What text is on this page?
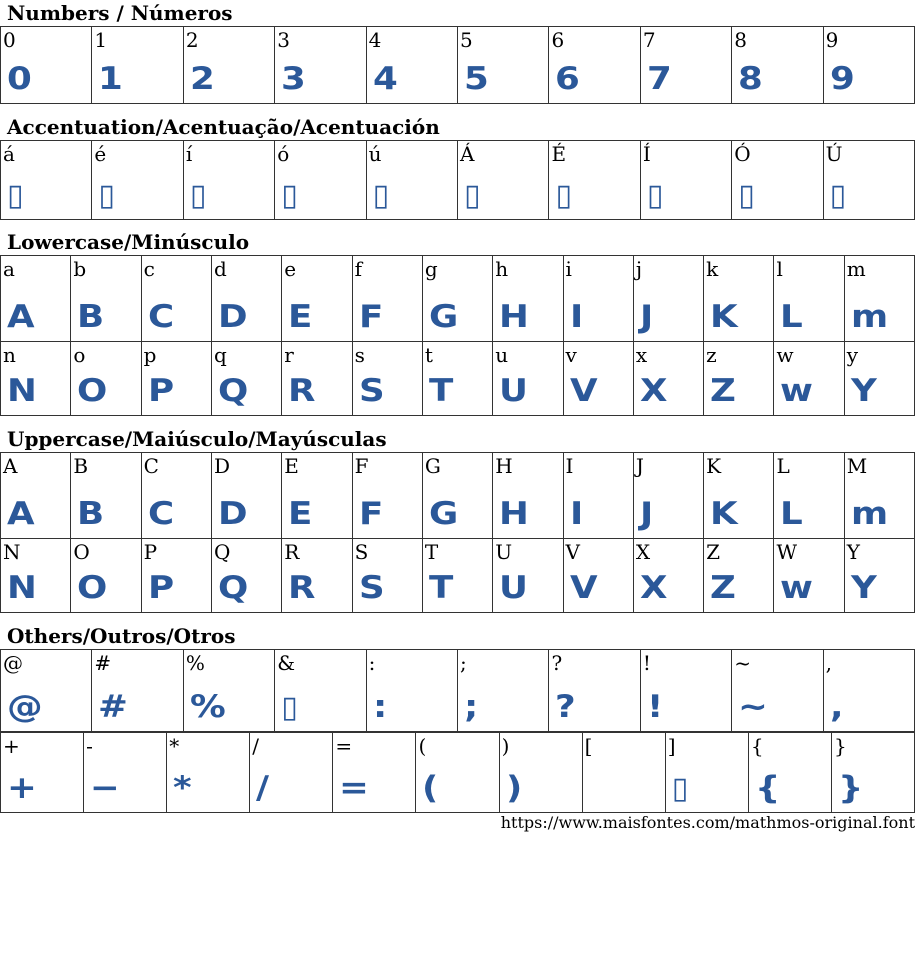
Numbers / Números
0
0
1
1
2
2
3
3
4
4
5
5
6
6
7
7
8
8
9
9
Accentuation/Acentuação/Acentuación
á
▯
é
▯
í
▯
ó
▯
ú
▯
Á
▯
É
▯
Í
▯
Ó
▯
Ú
▯
Lowercase/Minúsculo
a
A
b
B
c
C
d
D
e
E
f
F
g
G
h
H
i
I
j
J
k
K
l
L
m
m
n
N
o
O
p
P
q
Q
r
R
s
S
t
T
u
U
v
V
x
X
z
Z
w
w
y
Y
Uppercase/Maiúsculo/Mayúsculas
A
A
B
B
C
C
D
D
E
E
F
F
G
G
H
H
I
I
J
J
K
K
L
L
M
m
N
N
O
O
P
P
Q
Q
R
R
S
S
T
T
U
U
V
V
X
X
Z
Z
W
w
Y
Y
Others/Outros/Otros
@
@
#
#
%
%
&
▯
:
:
;
;
?
?
!
!
~
~
,
,
+
+
-
−
*
*
/
/
=
=
(
(
)
)
[	]
▯
{
{
}
}
https://www.maisfontes.com/mathmos-original.font
